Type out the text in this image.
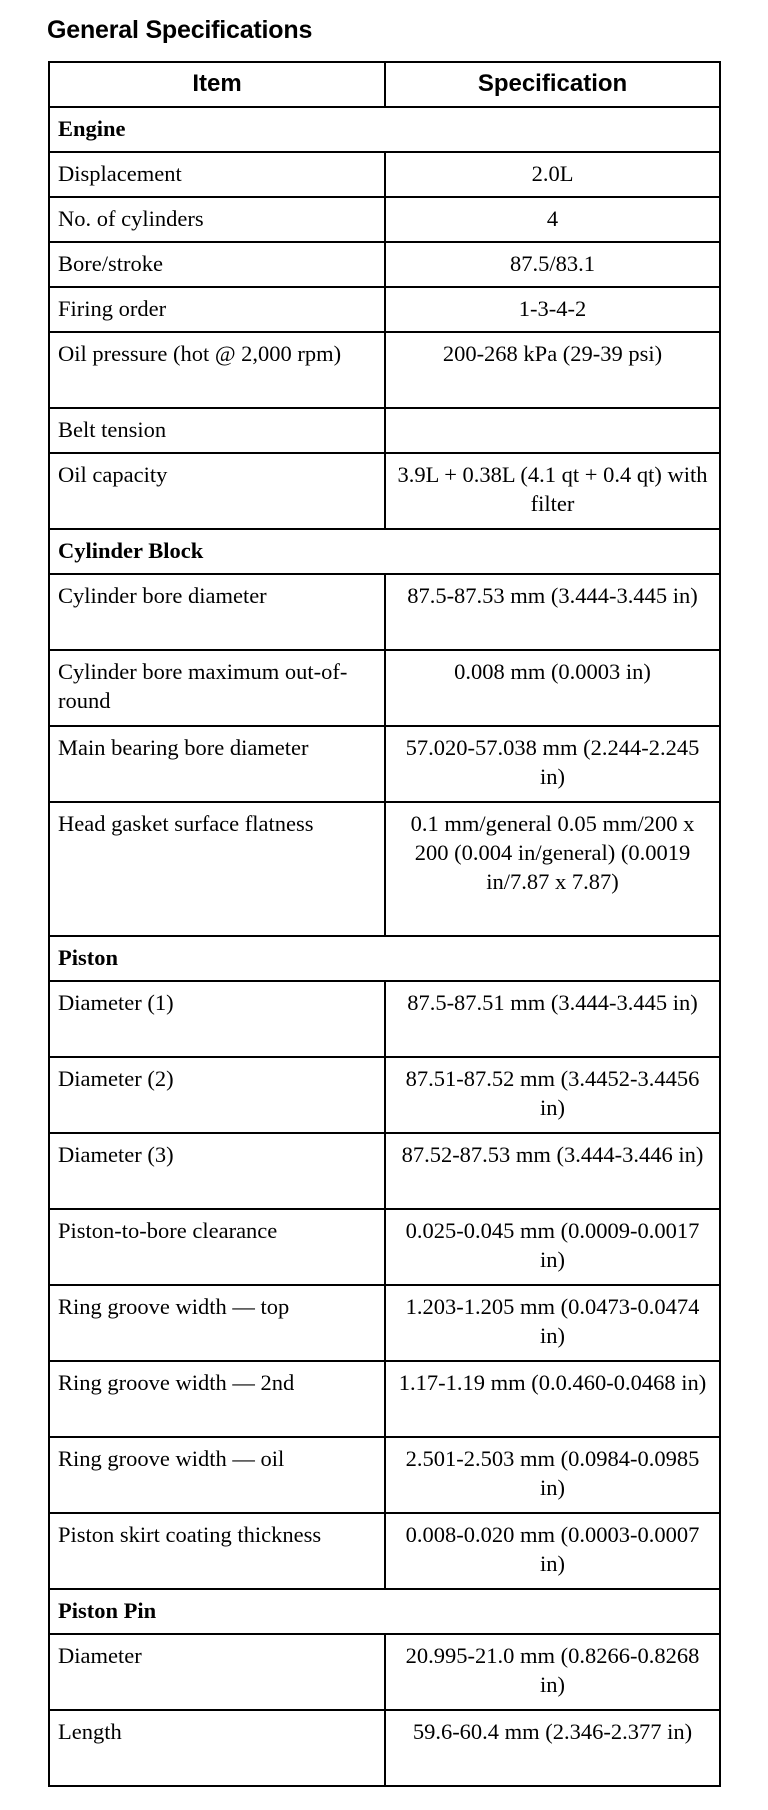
General Specifications
Item	Specification
Engine	
Displacement	2.0L
No. of cylinders	4
Bore/stroke	87.5/83.1
Firing order	1-3-4-2
Oil pressure (hot @ 2,000 rpm)	200-268 kPa (29-39 psi)
Belt tension	
Oil capacity	3.9L + 0.38L (4.1 qt + 0.4 qt) with filter
Cylinder Block	
Cylinder bore diameter	87.5-87.53 mm (3.444-3.445 in)
Cylinder bore maximum out-of-round	0.008 mm (0.0003 in)
Main bearing bore diameter	57.020-57.038 mm (2.244-2.245 in)
Head gasket surface flatness	0.1 mm/general 0.05 mm/200 x 200 (0.004 in/general) (0.0019 in/7.87 x 7.87)
Piston	
Diameter (1)	87.5-87.51 mm (3.444-3.445 in)
Diameter (2)	87.51-87.52 mm (3.4452-3.4456 in)
Diameter (3)	87.52-87.53 mm (3.444-3.446 in)
Piston-to-bore clearance	0.025-0.045 mm (0.0009-0.0017 in)
Ring groove width — top	1.203-1.205 mm (0.0473-0.0474 in)
Ring groove width — 2nd	1.17-1.19 mm (0.0.460-0.0468 in)
Ring groove width — oil	2.501-2.503 mm (0.0984-0.0985 in)
Piston skirt coating thickness	0.008-0.020 mm (0.0003-0.0007 in)
Piston Pin	
Diameter	20.995-21.0 mm (0.8266-0.8268 in)
Length	59.6-60.4 mm (2.346-2.377 in)
